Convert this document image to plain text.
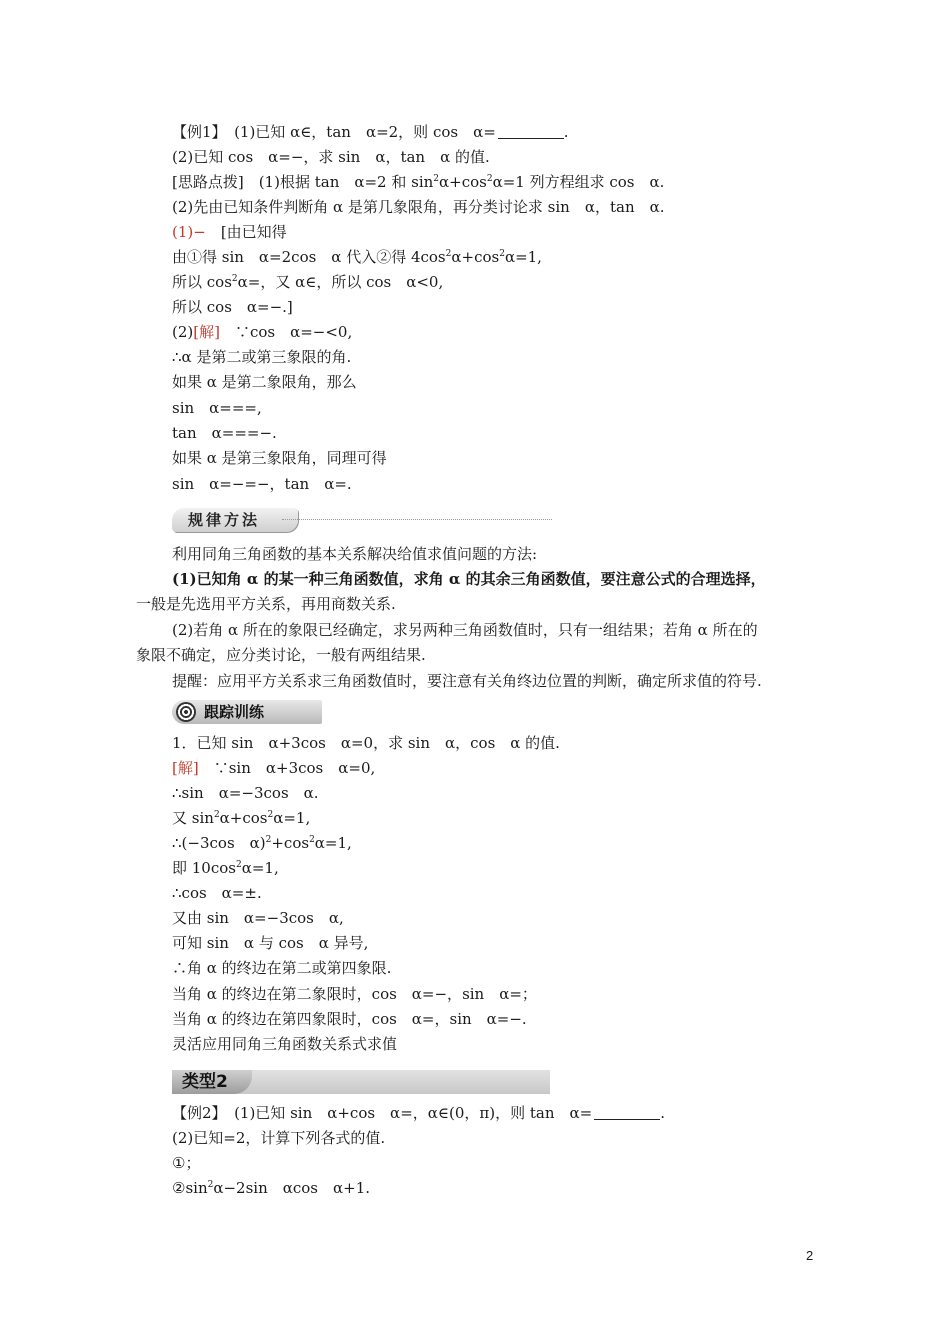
【例1】　 (1)已知 α∈，tan　α=2，则 cos　α=	.
(2)已知 cos　α=−，求 sin　α，tan　α 的值.
[思路点拨]　(1)根据 tan　α=2 和 $\sin^2\alpha+\cos^2\alpha=1$ 列方程组求 cos　α.
(2)先由已知条件判断角 α 是第几象限角，再分类讨论求 sin　α，tan　α.
(1)−　[由已知得
由①得 sin　α=2cos　α 代入②得 $4\cos^2\alpha+\cos^2\alpha=1$,
所以 $\cos^2\alpha=$，又 α∈，所以 cos　α<0,
所以 cos　α=−.]
(2)[解]　∵cos　α=−<0,
∴α 是第二或第三象限的角.
如果 α 是第二象限角，那么
sin　α===,
tan　α===−.
如果 α 是第三象限角，同理可得
sin　α=−=−，tan　α=.
规律方法
利用同角三角函数的基本关系解决给值求值问题的方法:
(1)已知角 α 的某一种三角函数值，求角 α 的其余三角函数值，要注意公式的合理选择，
一般是先选用平方关系，再用商数关系.
(2)若角 α 所在的象限已经确定，求另两种三角函数值时，只有一组结果；若角 α 所在的
象限不确定，应分类讨论，一般有两组结果.
提醒：应用平方关系求三角函数值时，要注意有关角终边位置的判断，确定所求值的符号.
跟踪训练
1．已知 sin　α+3cos　α=0，求 sin　α，cos　α 的值.
[解]　∵sin　α+3cos　α=0,
∴sin　α=−3cos　α.
又 $\sin^2\alpha+\cos^2\alpha=1$,
∴(−3cos　$\alpha)^2+\cos^2\alpha=1$,
即 $10\cos^2\alpha=1$,
∴cos　α=±.
又由 sin　α=−3cos　α,
可知 sin　α 与 cos　α 异号,
∴角 α 的终边在第二或第四象限.
当角 α 的终边在第二象限时，cos　α=−，sin　α=；
当角 α 的终边在第四象限时，cos　α=，sin　α=−.
灵活应用同角三角函数关系式求值
类型2
【例2】　 (1)已知 sin　α+cos　α=，α∈(0，π)，则 tan　α=	.
(2)已知=2，计算下列各式的值.
①；
$②\sin^2\alpha-2\sin$　αcos　α+1.
2
